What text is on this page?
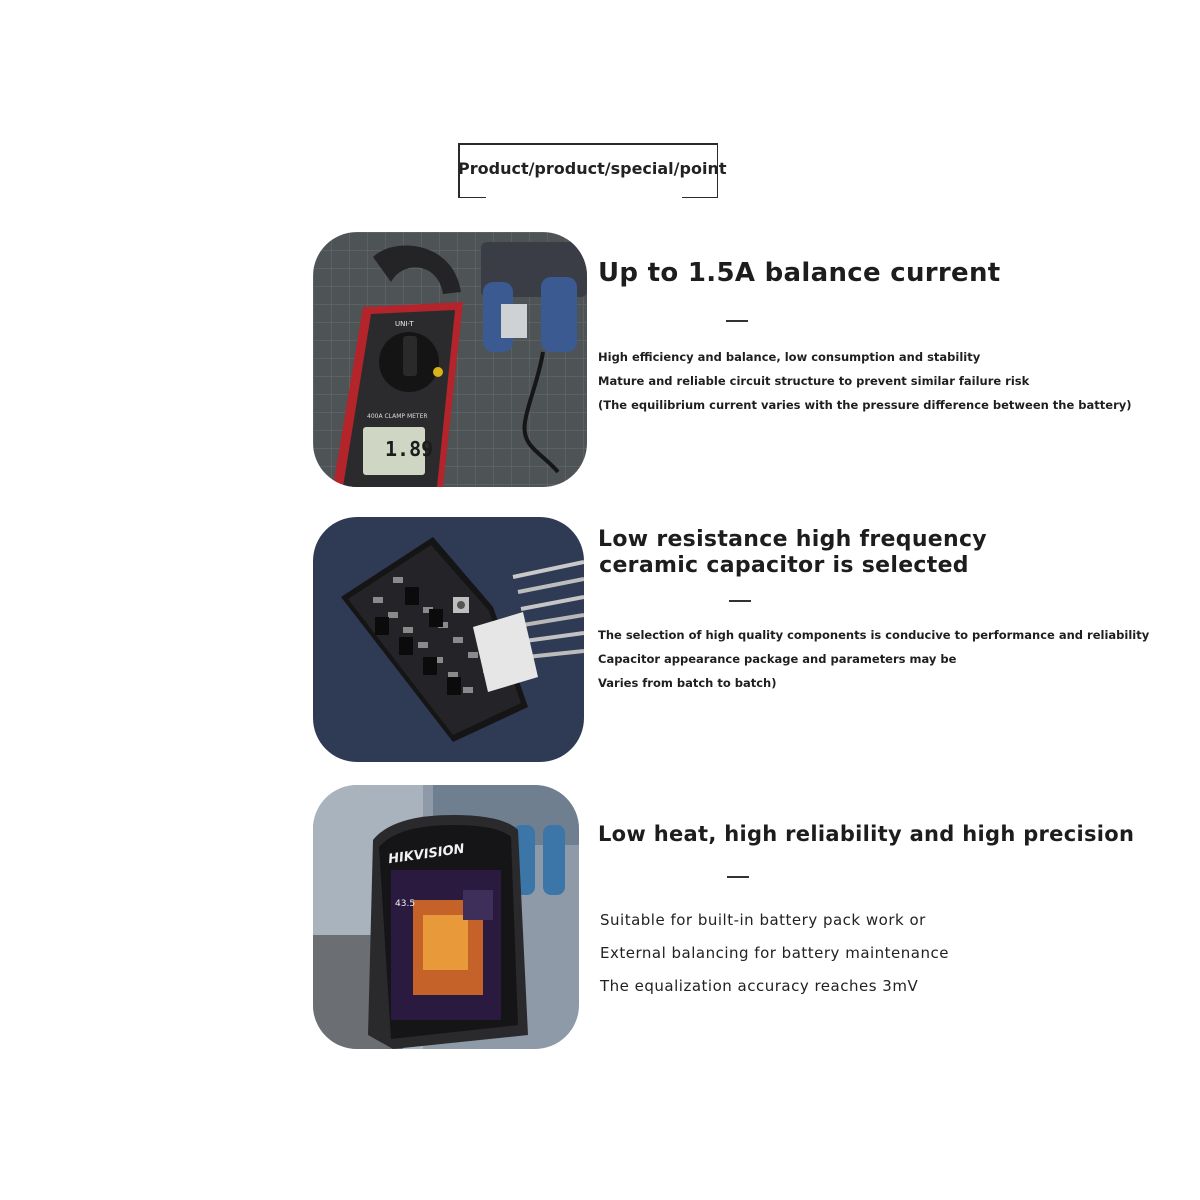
Product/product/special/point
UNI-T
400A CLAMP METER
1.89
Up to 1.5A balance current
High efficiency and balance, low consumption and stability
Mature and reliable circuit structure to prevent similar failure risk
(The equilibrium current varies with the pressure difference between the battery)
Low resistance high frequency
ceramic capacitor is selected
The selection of high quality components is conducive to performance and reliability
Capacitor appearance package and parameters may be
Varies from batch to batch)
HIKVISION
43.5
Low heat, high reliability and high precision
Suitable for built-in battery pack work or
External balancing for battery maintenance
The equalization accuracy reaches 3mV
